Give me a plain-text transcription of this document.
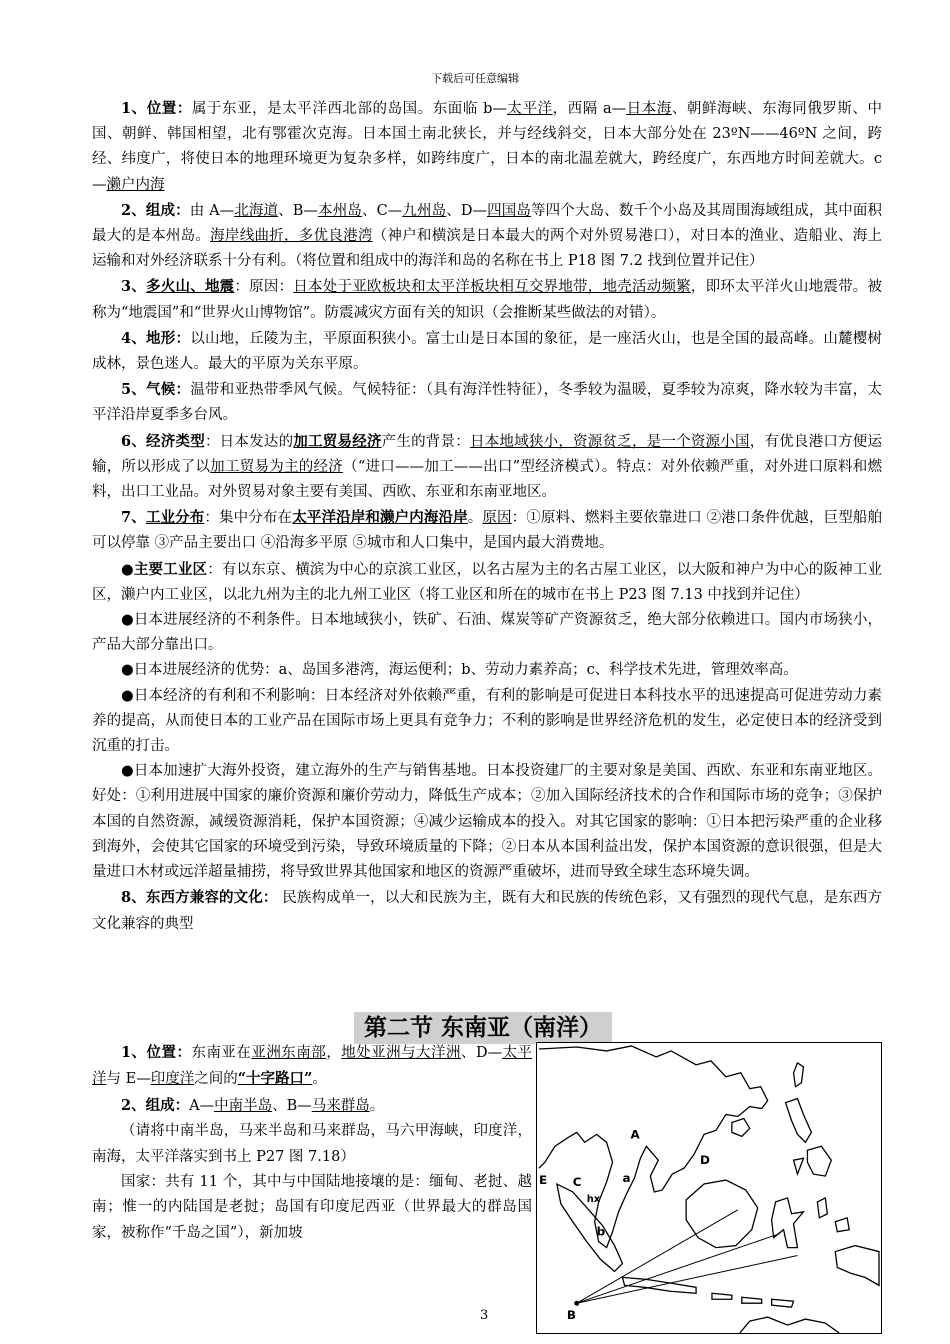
下载后可任意编辑

1、位置：属于东亚，是太平洋西北部的岛国。东面临 b—太平洋，西隔 a—日本海、朝鲜海峡、东海同俄罗斯、中国、朝鲜、韩国相望，北有鄂霍次克海。日本国土南北狭长，并与经线斜交，日本大部分处在 23ºN——46ºN 之间，跨经、纬度广，将使日本的地理环境更为复杂多样，如跨纬度广，日本的南北温差就大，跨经度广，东西地方时间差就大。c—濑户内海

2、组成：由 A—北海道、B—本州岛、C—九州岛、D—四国岛等四个大岛、数千个小岛及其周围海域组成，其中面积最大的是本州岛。海岸线曲折，多优良港湾（神户和横滨是日本最大的两个对外贸易港口），对日本的渔业、造船业、海上运输和对外经济联系十分有利。（将位置和组成中的海洋和岛的名称在书上 P18 图 7.2 找到位置并记住）

3、多火山、地震：原因：日本处于亚欧板块和太平洋板块相互交界地带，地壳活动频繁，即环太平洋火山地震带。被称为“地震国”和“世界火山博物馆”。防震减灾方面有关的知识（会推断某些做法的对错）。

4、地形：以山地，丘陵为主，平原面积狭小。富士山是日本国的象征，是一座活火山，也是全国的最高峰。山麓樱树成林，景色迷人。最大的平原为关东平原。

5、气候：温带和亚热带季风气候。气候特征：（具有海洋性特征），冬季较为温暖，夏季较为凉爽，降水较为丰富，太平洋沿岸夏季多台风。

6、经济类型：日本发达的加工贸易经济产生的背景：日本地域狭小，资源贫乏，是一个资源小国，有优良港口方便运输，所以形成了以加工贸易为主的经济（“进口——加工——出口”型经济模式）。特点：对外依赖严重，对外进口原料和燃料，出口工业品。对外贸易对象主要有美国、西欧、东亚和东南亚地区。

7、工业分布：集中分布在太平洋沿岸和濑户内海沿岸。原因：①原料、燃料主要依靠进口 ②港口条件优越，巨型船舶可以停靠 ③产品主要出口 ④沿海多平原 ⑤城市和人口集中，是国内最大消费地。

●主要工业区：有以东京、横滨为中心的京滨工业区，以名古屋为主的名古屋工业区，以大阪和神户为中心的阪神工业区，濑户内工业区，以北九州为主的北九州工业区（将工业区和所在的城市在书上 P23 图 7.13 中找到并记住）

●日本进展经济的不利条件。日本地域狭小，铁矿、石油、煤炭等矿产资源贫乏，绝大部分依赖进口。国内市场狭小，产品大部分靠出口。

●日本进展经济的优势：a、岛国多港湾，海运便利；b、劳动力素养高；c、科学技术先进，管理效率高。

●日本经济的有利和不利影响：日本经济对外依赖严重，有利的影响是可促进日本科技水平的迅速提高可促进劳动力素养的提高，从而使日本的工业产品在国际市场上更具有竞争力；不利的影响是世界经济危机的发生，必定使日本的经济受到沉重的打击。

●日本加速扩大海外投资，建立海外的生产与销售基地。日本投资建厂的主要对象是美国、西欧、东亚和东南亚地区。好处：①利用进展中国家的廉价资源和廉价劳动力，降低生产成本；②加入国际经济技术的合作和国际市场的竞争；③保护本国的自然资源，减缓资源消耗，保护本国资源；④减少运输成本的投入。对其它国家的影响：①日本把污染严重的企业移到海外，会使其它国家的环境受到污染，导致环境质量的下降；②日本从本国利益出发，保护本国资源的意识很强，但是大量进口木材或远洋超量捕捞，将导致世界其他国家和地区的资源严重破坏，进而导致全球生态环境失调。

8、东西方兼容的文化： 民族构成单一，以大和民族为主，既有大和民族的传统色彩，又有强烈的现代气息，是东西方文化兼容的典型

第二节 东南亚（南洋）

1、位置：东南亚在亚洲东南部，地处亚洲与大洋洲、D—太平洋与 E—印度洋之间的“十字路口”。

2、组成：A—中南半岛、B—马来群岛。

（请将中南半岛，马来半岛和马来群岛，马六甲海峡，印度洋，南海，太平洋落实到书上 P27 图 7.18）

国家：共有 11 个，其中与中国陆地接壤的是：缅甸、老挝、越南；惟一的内陆国是老挝；岛国有印度尼西亚（世界最大的群岛国家，被称作“千岛之国”），新加坡

A
D
C
E	a
b
hx
B
3
